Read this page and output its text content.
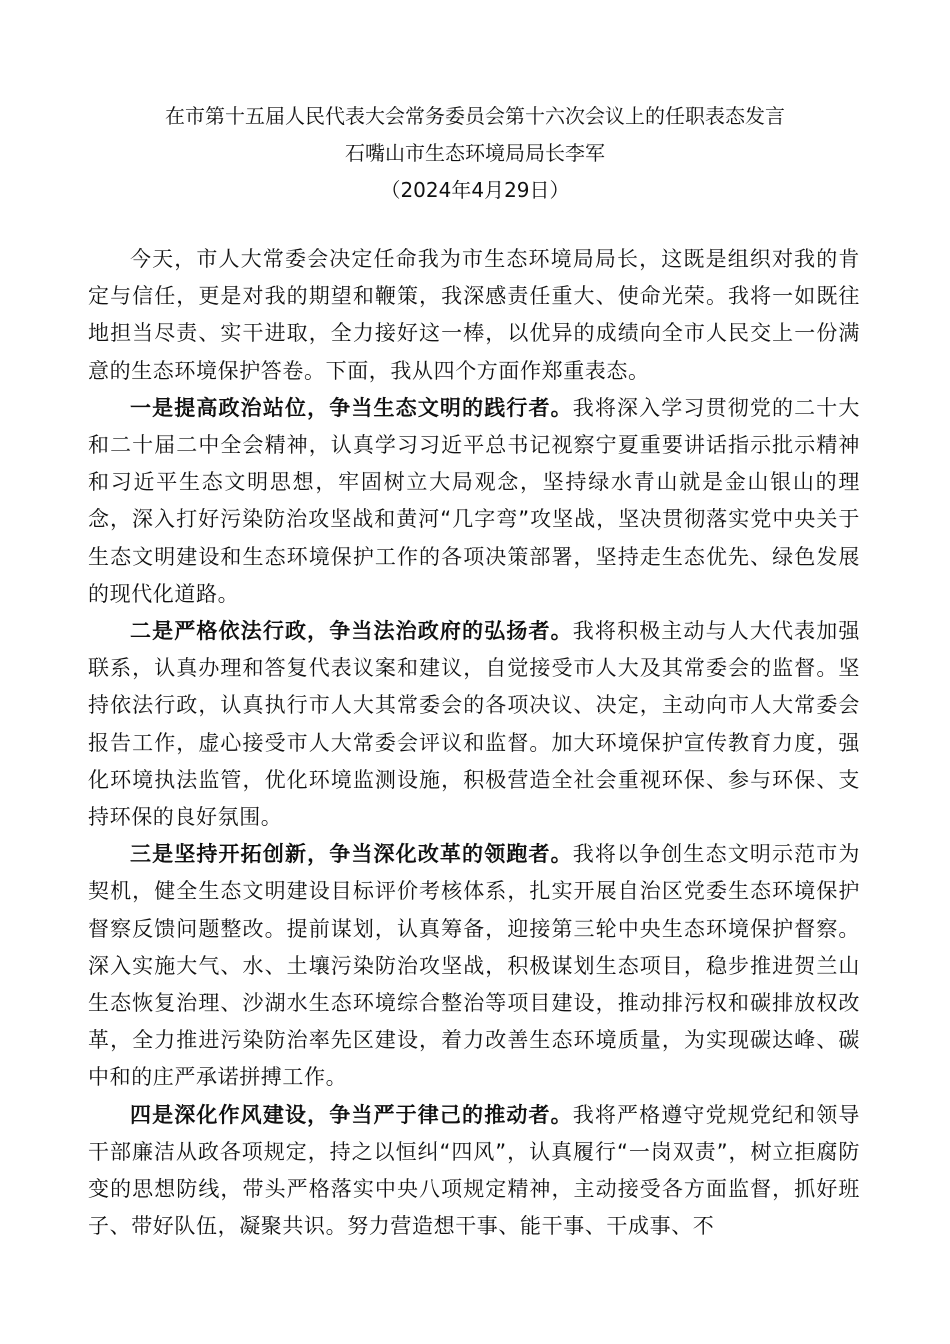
在市第十五届人民代表大会常务委员会第十六次会议上的任职表态发言
石嘴山市生态环境局局长李军
（2024年4月29日）

今天，市人大常委会决定任命我为市生态环境局局长，这既是组织对我的肯定与信任，更是对我的期望和鞭策，我深感责任重大、使命光荣。我将一如既往地担当尽责、实干进取，全力接好这一棒，以优异的成绩向全市人民交上一份满意的生态环境保护答卷。下面，我从四个方面作郑重表态。

一是提高政治站位，争当生态文明的践行者。我将深入学习贯彻党的二十大和二十届二中全会精神，认真学习习近平总书记视察宁夏重要讲话指示批示精神和习近平生态文明思想，牢固树立大局观念，坚持绿水青山就是金山银山的理念，深入打好污染防治攻坚战和黄河“几字弯”攻坚战，坚决贯彻落实党中央关于生态文明建设和生态环境保护工作的各项决策部署，坚持走生态优先、绿色发展的现代化道路。

二是严格依法行政，争当法治政府的弘扬者。我将积极主动与人大代表加强联系，认真办理和答复代表议案和建议，自觉接受市人大及其常委会的监督。坚持依法行政，认真执行市人大其常委会的各项决议、决定，主动向市人大常委会报告工作，虚心接受市人大常委会评议和监督。加大环境保护宣传教育力度，强化环境执法监管，优化环境监测设施，积极营造全社会重视环保、参与环保、支持环保的良好氛围。

三是坚持开拓创新，争当深化改革的领跑者。我将以争创生态文明示范市为契机，健全生态文明建设目标评价考核体系，扎实开展自治区党委生态环境保护督察反馈问题整改。提前谋划，认真筹备，迎接第三轮中央生态环境保护督察。深入实施大气、水、土壤污染防治攻坚战，积极谋划生态项目，稳步推进贺兰山生态恢复治理、沙湖水生态环境综合整治等项目建设，推动排污权和碳排放权改革，全力推进污染防治率先区建设，着力改善生态环境质量，为实现碳达峰、碳中和的庄严承诺拼搏工作。

四是深化作风建设，争当严于律己的推动者。我将严格遵守党规党纪和领导干部廉洁从政各项规定，持之以恒纠“四风”，认真履行“一岗双责”，树立拒腐防变的思想防线，带头严格落实中央八项规定精神，主动接受各方面监督，抓好班子、带好队伍，凝聚共识。努力营造想干事、能干事、干成事、不
